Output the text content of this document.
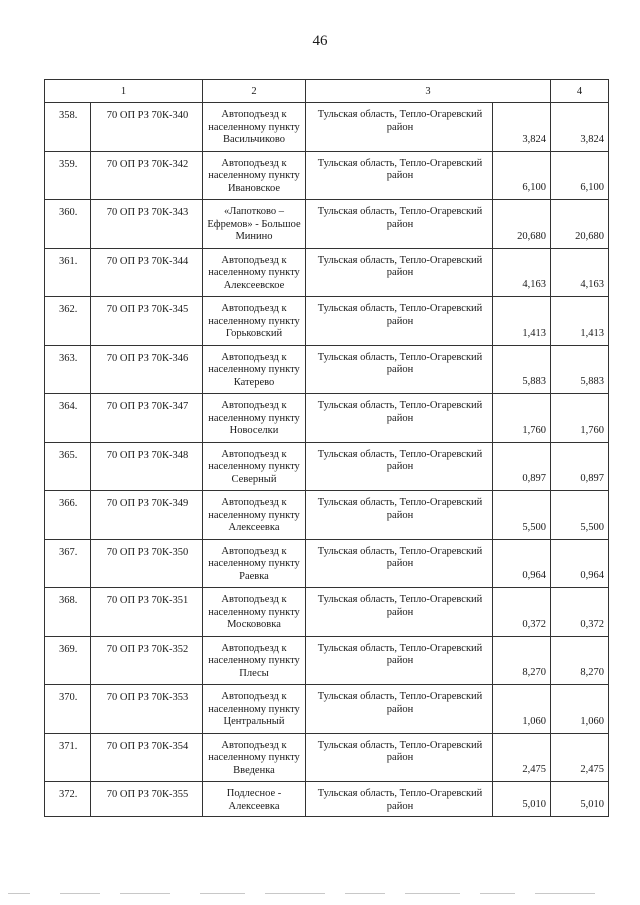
46
1		2	3		4
358.	70 ОП РЗ 70К-340	Автоподъезд к населенному пункту Васильчиково	Тульская область, Тепло-Огаревский район	3,824	3,824
359.	70 ОП РЗ 70К-342	Автоподъезд к населенному пункту Ивановское	Тульская область, Тепло-Огаревский район	6,100	6,100
360.	70 ОП РЗ 70К-343	«Лапотково – Ефремов» - Большое Минино	Тульская область, Тепло-Огаревский район	20,680	20,680
361.	70 ОП РЗ 70К-344	Автоподъезд к населенному пункту Алексеевское	Тульская область, Тепло-Огаревский район	4,163	4,163
362.	70 ОП РЗ 70К-345	Автоподъезд к населенному пункту Горьковский	Тульская область, Тепло-Огаревский район	1,413	1,413
363.	70 ОП РЗ 70К-346	Автоподъезд к населенному пункту Катерево	Тульская область, Тепло-Огаревский район	5,883	5,883
364.	70 ОП РЗ 70К-347	Автоподъезд к населенному пункту Новоселки	Тульская область, Тепло-Огаревский район	1,760	1,760
365.	70 ОП РЗ 70К-348	Автоподъезд к населенному пункту Северный	Тульская область, Тепло-Огаревский район	0,897	0,897
366.	70 ОП РЗ 70К-349	Автоподъезд к населенному пункту Алексеевка	Тульская область, Тепло-Огаревский район	5,500	5,500
367.	70 ОП РЗ 70К-350	Автоподъезд к населенному пункту Раевка	Тульская область, Тепло-Огаревский район	0,964	0,964
368.	70 ОП РЗ 70К-351	Автоподъезд к населенному пункту Москововка	Тульская область, Тепло-Огаревский район	0,372	0,372
369.	70 ОП РЗ 70К-352	Автоподъезд к населенному пункту Плесы	Тульская область, Тепло-Огаревский район	8,270	8,270
370.	70 ОП РЗ 70К-353	Автоподъезд к населенному пункту Центральный	Тульская область, Тепло-Огаревский район	1,060	1,060
371.	70 ОП РЗ 70К-354	Автоподъезд к населенному пункту Введенка	Тульская область, Тепло-Огаревский район	2,475	2,475
372.	70 ОП РЗ 70К-355	Подлесное - Алексеевка	Тульская область, Тепло-Огаревский район	5,010	5,010
